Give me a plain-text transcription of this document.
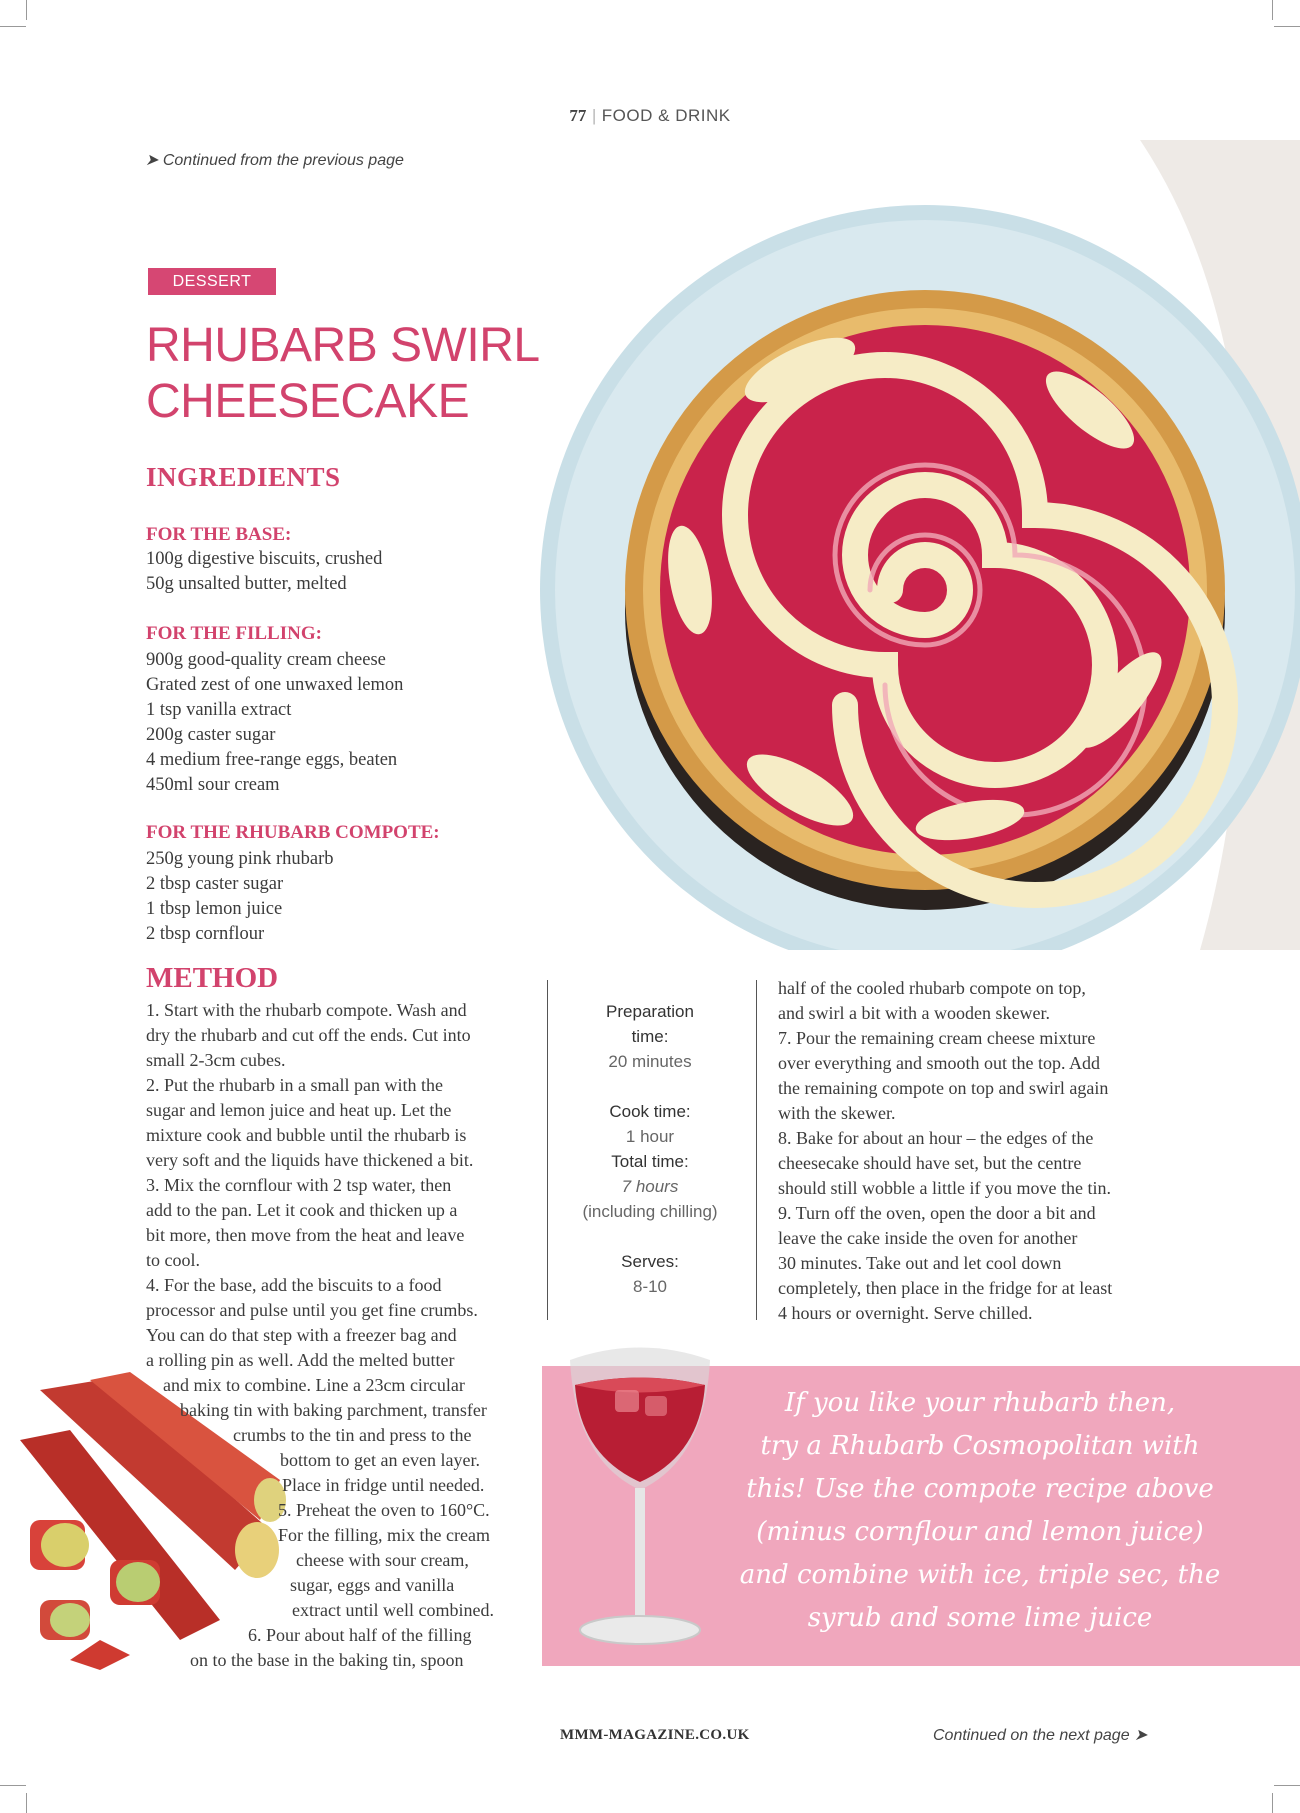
77 | FOOD & DRINK
➤ Continued from the previous page
DESSERT
RHUBARB SWIRL
CHEESECAKE
INGREDIENTS
FOR THE BASE:
100g digestive biscuits, crushed
50g unsalted butter, melted
FOR THE FILLING:
900g good-quality cream cheese
Grated zest of one unwaxed lemon
1 tsp vanilla extract
200g caster sugar
4 medium free-range eggs, beaten
450ml sour cream
FOR THE RHUBARB COMPOTE:
250g young pink rhubarb
2 tbsp caster sugar
1 tbsp lemon juice
2 tbsp cornflour
METHOD
1. Start with the rhubarb compote. Wash and
dry the rhubarb and cut off the ends. Cut into
small 2-3cm cubes.
2. Put the rhubarb in a small pan with the
sugar and lemon juice and heat up. Let the
mixture cook and bubble until the rhubarb is
very soft and the liquids have thickened a bit.
3. Mix the cornflour with 2 tsp water, then
add to the pan. Let it cook and thicken up a
bit more, then move from the heat and leave
to cool.
4. For the base, add the biscuits to a food
processor and pulse until you get fine crumbs.
You can do that step with a freezer bag and
a rolling pin as well. Add the melted butter
and mix to combine. Line a 23cm circular
baking tin with baking parchment, transfer
crumbs to the tin and press to the
bottom to get an even layer.
Place in fridge until needed.
5. Preheat the oven to 160°C.
For the filling, mix the cream
cheese with sour cream,
sugar, eggs and vanilla
extract until well combined.
6. Pour about half of the filling
on to the base in the baking tin, spoon
Preparation
time:
20 minutes
Cook time:
1 hour
Total time:
7 hours
(including chilling)
Serves:
8-10
half of the cooled rhubarb compote on top,
and swirl a bit with a wooden skewer.
7. Pour the remaining cream cheese mixture
over everything and smooth out the top. Add
the remaining compote on top and swirl again
with the skewer.
8. Bake for about an hour – the edges of the
cheesecake should have set, but the centre
should still wobble a little if you move the tin.
9. Turn off the oven, open the door a bit and
leave the cake inside the oven for another
30 minutes. Take out and let cool down
completely, then place in the fridge for at least
4 hours or overnight. Serve chilled.
If you like your rhubarb then,
try a Rhubarb Cosmopolitan with
this! Use the compote recipe above
(minus cornflour and lemon juice)
and combine with ice, triple sec, the
syrub and some lime juice
MMM-MAGAZINE.CO.UK	Continued on the next page ➤
